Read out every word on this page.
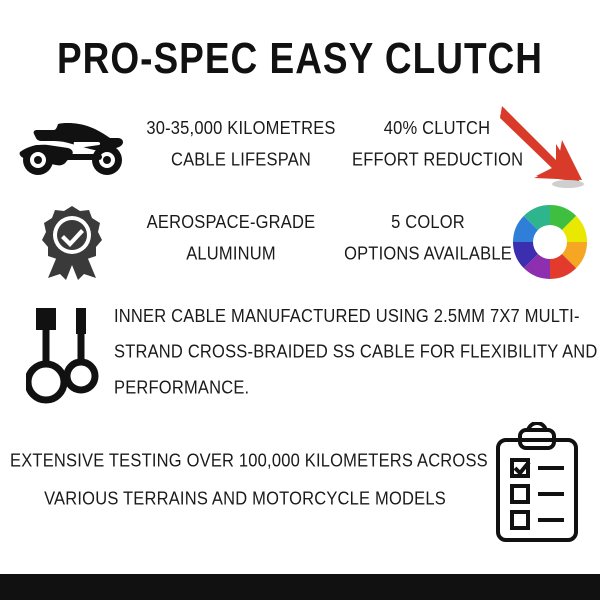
PRO-SPEC EASY CLUTCH
30-35,000 KILOMETRES
CABLE LIFESPAN
40% CLUTCH
EFFORT REDUCTION
AEROSPACE-GRADE
ALUMINUM
5 COLOR
OPTIONS AVAILABLE
INNER CABLE MANUFACTURED USING 2.5MM 7X7 MULTI-
STRAND CROSS-BRAIDED SS CABLE FOR FLEXIBILITY AND
PERFORMANCE.
EXTENSIVE TESTING OVER 100,000 KILOMETERS ACROSS
VARIOUS TERRAINS AND MOTORCYCLE MODELS
